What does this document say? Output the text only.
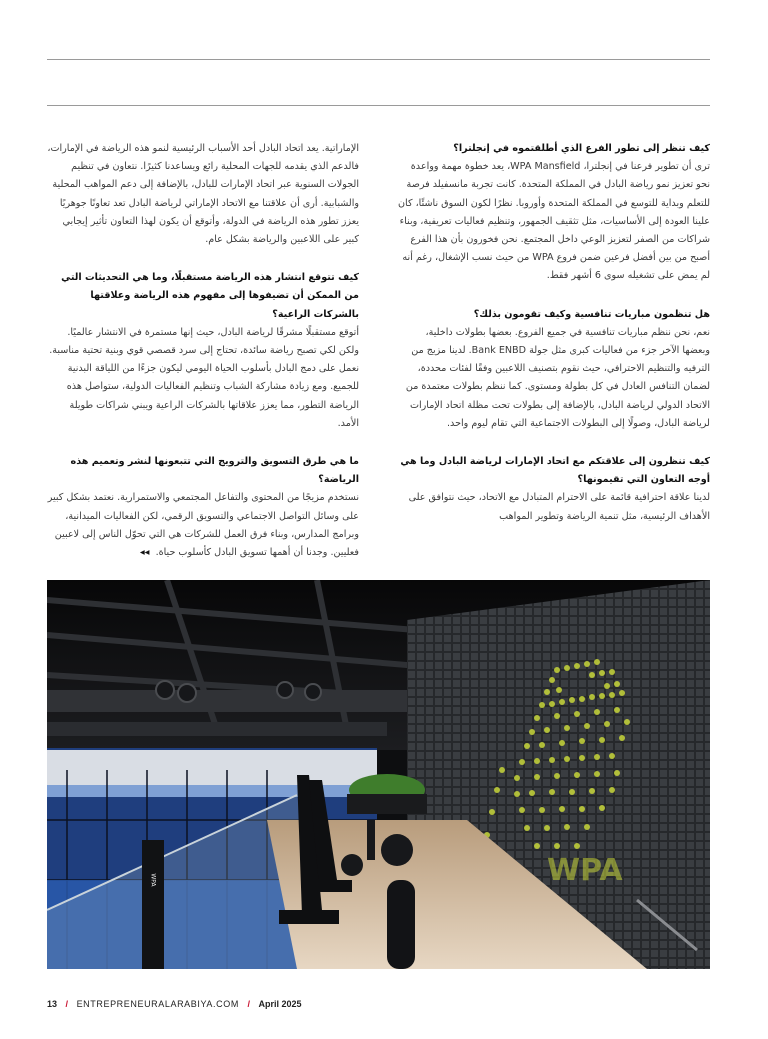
كيف تنظر إلى تطور الفرع الذي أطلقتموه في إنجلترا؟

ترى أن تطوير فرعنا في إنجلترا، WPA Mansfield، يعد خطوة مهمة وواعدة نحو تعزيز نمو رياضة البادل في المملكة المتحدة. كانت تجربة مانسفيلد فرصة للتعلم وبداية للتوسع في المملكة المتحدة وأوروبا. نظرًا لكون السوق ناشئًا، كان علينا العودة إلى الأساسيات، مثل تثقيف الجمهور، وتنظيم فعاليات تعريفية، وبناء شراكات من الصفر لتعزيز الوعي داخل المجتمع. نحن فخورون بأن هذا الفرع أصبح من بين أفضل فرعين ضمن فروع WPA من حيث نسب الإشغال، رغم أنه لم يمض على تشغيله سوى 6 أشهر فقط.

هل تنظمون مباريات تنافسية وكيف تقومون بذلك؟

نعم، نحن ننظم مباريات تنافسية في جميع الفروع. بعضها بطولات داخلية، وبعضها الآخر جزء من فعاليات كبرى مثل جولة Bank ENBD. لدينا مزيج من الترفيه والتنظيم الاحترافي، حيث نقوم بتصنيف اللاعبين وفقًا لفئات محددة، لضمان التنافس العادل في كل بطولة ومستوى. كما ننظم بطولات معتمدة من الاتحاد الدولي لرياضة البادل، بالإضافة إلى بطولات تحت مظلة اتحاد الإمارات لرياضة البادل، وصولًا إلى البطولات الاجتماعية التي تقام ليوم واحد.

كيف تنظرون إلى علاقتكم مع اتحاد الإمارات لرياضة البادل وما هي أوجه التعاون التي تقيمونها؟

لدينا علاقة احترافية قائمة على الاحترام المتبادل مع الاتحاد، حيث نتوافق على الأهداف الرئيسية، مثل تنمية الرياضة وتطوير المواهب

الإماراتية. يعد اتحاد البادل أحد الأسباب الرئيسية لنمو هذه الرياضة في الإمارات، فالدعم الذي يقدمه للجهات المحلية رائع ويساعدنا كثيرًا. نتعاون في تنظيم الجولات السنوية عبر اتحاد الإمارات للبادل، بالإضافة إلى دعم المواهب المحلية والشبابية. أرى أن علاقتنا مع الاتحاد الإماراتي لرياضة البادل تعد تعاونًا جوهريًا يعزز تطور هذه الرياضة في الدولة، وأتوقع أن يكون لهذا التعاون تأثير إيجابي كبير على اللاعبين والرياضة بشكل عام.

كيف تتوقع انتشار هذه الرياضة مستقبلًا، وما هي التحديثات التي من الممكن أن تضيفوها إلى مفهوم هذه الرياضة وعلاقتها بالشركات الراعية؟

أتوقع مستقبلًا مشرقًا لرياضة البادل، حيث إنها مستمرة في الانتشار عالميًا. ولكن لكي تصبح رياضة سائدة، تحتاج إلى سرد قصصي قوي وبنية تحتية مناسبة. نعمل على دمج البادل بأسلوب الحياة اليومي ليكون جزءًا من اللياقة البدنية للجميع. ومع زيادة مشاركة الشباب وتنظيم الفعاليات الدولية، ستواصل هذه الرياضة التطور، مما يعزز علاقاتها بالشركات الراعية ويبني شراكات طويلة الأمد.

ما هي طرق التسويق والترويج التي تتبعونها لنشر وتعميم هذه الرياضة؟

نستخدم مزيجًا من المحتوى والتفاعل المجتمعي والاستمرارية. نعتمد بشكل كبير على وسائل التواصل الاجتماعي والتسويق الرقمي، لكن الفعاليات الميدانية، وبرامج المدارس، وبناء فرق العمل للشركات هي التي تحوّل الناس إلى لاعبين فعليين. وجدنا أن أهمها تسويق البادل كأسلوب حياة. ◂◂

WPA
WPA
13 / ENTREPRENEURALARABIYA.COM / April 2025
